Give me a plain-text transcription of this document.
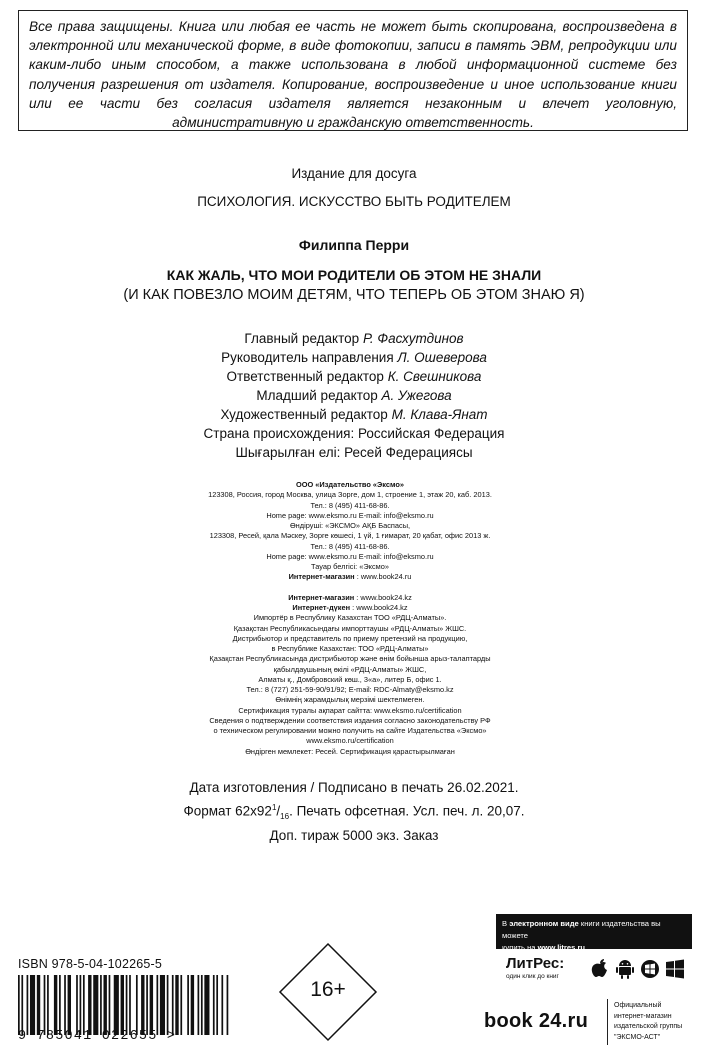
Все права защищены. Книга или любая ее часть не может быть скопирована, воспроизведена в электронной или механической форме, в виде фотокопии, записи в память ЭВМ, репродукции или каким-либо иным способом, а также использована в любой информационной системе без получения разрешения от издателя. Копирование, воспроизведение и иное использование книги или ее части без согласия издателя является незаконным и влечет уголовную, административную и гражданскую ответственность.
Издание для досуга
ПСИХОЛОГИЯ. ИСКУССТВО БЫТЬ РОДИТЕЛЕМ
Филиппа Перри
КАК ЖАЛЬ, ЧТО МОИ РОДИТЕЛИ ОБ ЭТОМ НЕ ЗНАЛИ
(И КАК ПОВЕЗЛО МОИМ ДЕТЯМ, ЧТО ТЕПЕРЬ ОБ ЭТОМ ЗНАЮ Я)
Главный редактор Р. Фасхутдинов
Руководитель направления Л. Ошеверова
Ответственный редактор К. Свешникова
Младший редактор А. Ужегова
Художественный редактор М. Клава-Янат
Страна происхождения: Российская Федерация
Шығарылған елі: Ресей Федерациясы
ООО «Издательство «Эксмо»
123308, Россия, город Москва, улица Зорге, дом 1, строение 1, этаж 20, каб. 2013.
Тел.: 8 (495) 411-68-86.
Home page: www.eksmo.ru E-mail: info@eksmo.ru
Өндіруші: «ЭКСМО» АҚБ Баспасы,
123308, Ресей, қала Мәскеу, Зорге көшесі, 1 үй, 1 ғимарат, 20 қабат, офис 2013 ж.
Тел.: 8 (495) 411-68-86.
Home page: www.eksmo.ru E-mail: info@eksmo.ru
Тауар белгісі: «Эксмо»
Интернет-магазин : www.book24.ru

Интернет-магазин : www.book24.kz
Интернет-дүкен : www.book24.kz
Импортёр в Республику Казахстан ТОО «РДЦ-Алматы».
Қазақстан Республикасындағы импорттаушы «РДЦ-Алматы» ЖШС.
Дистрибьютор и представитель по приему претензий на продукцию,
в Республике Казахстан: ТОО «РДЦ-Алматы»
Қазақстан Республикасында дистрибьютор және өнім бойынша арыз-талаптарды
қабылдаушының өкілі «РДЦ-Алматы» ЖШС,
Алматы қ., Домбровский көш., 3«а», литер Б, офис 1.
Тел.: 8 (727) 251-59-90/91/92; E-mail: RDC-Almaty@eksmo.kz
Өнімнің жарамдылық мерзімі шектелмеген.
Сертификация туралы ақпарат сайтта: www.eksmo.ru/certification
Сведения о подтверждении соответствия издания согласно законодательству РФ
о техническом регулировании можно получить на сайте Издательства «Эксмо»
www.eksmo.ru/certification
Өндірген мемлекет: Ресей. Сертификация қарастырылмаған
Дата изготовления / Подписано в печать 26.02.2021.
Формат $62х92^1/_{16}$. Печать офсетная. Усл. печ. л. 20,07.
Доп. тираж 5000 экз. Заказ
ISBN 978-5-04-102265-5
9 785041 022655 >
16+
В электронном виде книги издательства вы можете
купить на www.litres.ru
ЛитРес:
один клик до книг
book 24.ru
Официальный
интернет-магазин
издательской группы
"ЭКСМО-АСТ"
